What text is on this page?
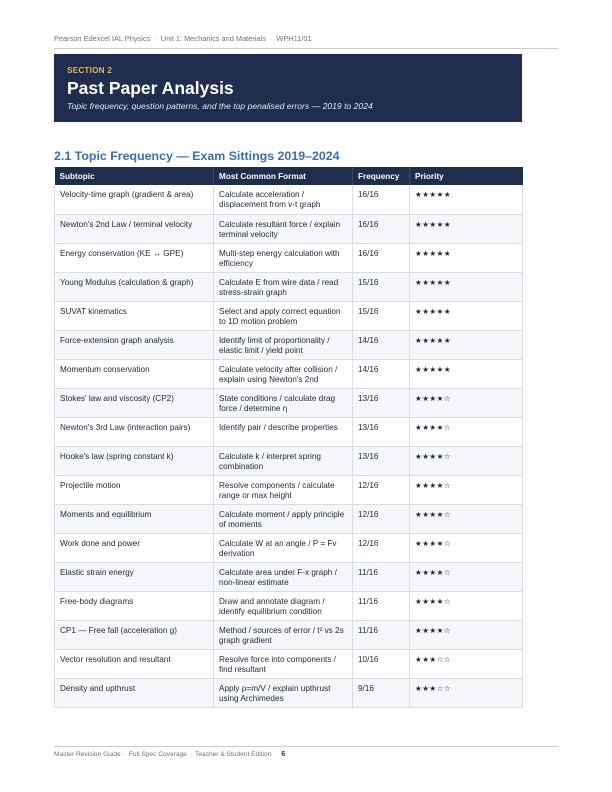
Pearson Edexcel IAL Physics · Unit 1: Mechanics and Materials · WPH11/01
SECTION 2
Past Paper Analysis
Topic frequency, question patterns, and the top penalised errors — 2019 to 2024
2.1 Topic Frequency — Exam Sittings 2019–2024
Subtopic	Most Common Format	Frequency	Priority
Velocity-time graph (gradient & area)	Calculate acceleration / displacement from v-t graph	16/16	★★★★★
Newton's 2nd Law / terminal velocity	Calculate resultant force / explain terminal velocity	16/16	★★★★★
Energy conservation (KE ↔ GPE)	Multi-step energy calculation with efficiency	16/16	★★★★★
Young Modulus (calculation & graph)	Calculate E from wire data / read stress-strain graph	15/16	★★★★★
SUVAT kinematics	Select and apply correct equation to 1D motion problem	15/16	★★★★★
Force-extension graph analysis	Identify limit of proportionality / elastic limit / yield point	14/16	★★★★★
Momentum conservation	Calculate velocity after collision / explain using Newton's 2nd	14/16	★★★★★
Stokes' law and viscosity (CP2)	State conditions / calculate drag force / determine η	13/16	★★★★☆
Newton's 3rd Law (interaction pairs)	Identify pair / describe properties	13/16	★★★★☆
Hooke's law (spring constant k)	Calculate k / interpret spring combination	13/16	★★★★☆
Projectile motion	Resolve components / calculate range or max height	12/16	★★★★☆
Moments and equilibrium	Calculate moment / apply principle of moments	12/16	★★★★☆
Work done and power	Calculate W at an angle / P = Fv derivation	12/16	★★★★☆
Elastic strain energy	Calculate area under F-x graph / non-linear estimate	11/16	★★★★☆
Free-body diagrams	Draw and annotate diagram / identify equilibrium condition	11/16	★★★★☆
CP1 — Free fall (acceleration g)	Method / sources of error / t² vs 2s graph gradient	11/16	★★★★☆
Vector resolution and resultant	Resolve force into components / find resultant	10/16	★★★☆☆
Density and upthrust	Apply ρ=m/V / explain upthrust using Archimedes	9/16	★★★☆☆
Master Revision Guide · Full Spec Coverage · Teacher & Student Edition 6
